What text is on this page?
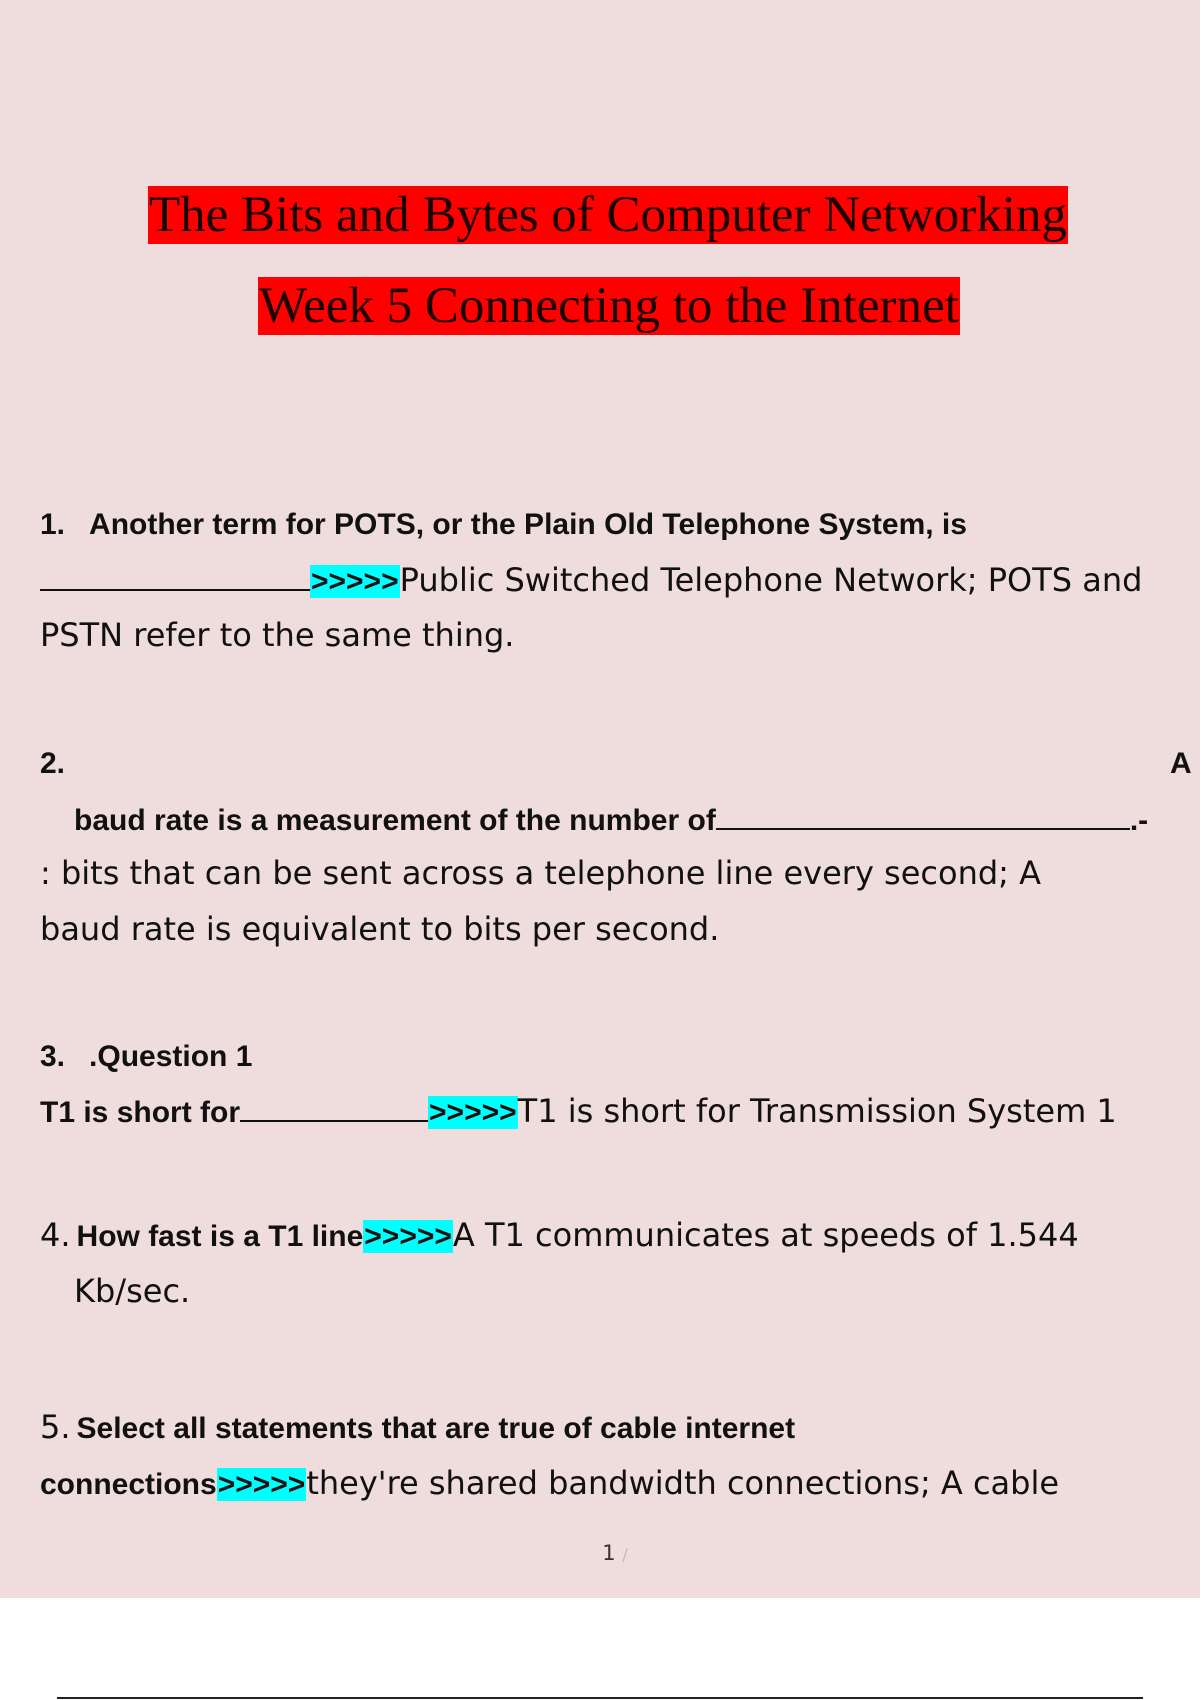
The Bits and Bytes of Computer Networking
Week 5 Connecting to the Internet
1. Another term for POTS, or the Plain Old Telephone System, is
>>>>>Public Switched Telephone Network; POTS and
PSTN refer to the same thing.
2.	A
baud rate is a measurement of the number of	.-
: bits that can be sent across a telephone line every second; A
baud rate is equivalent to bits per second.
3. .Question 1
T1 is short for	>>>>>T1 is short for Transmission System 1
4. How fast is a T1 line>>>>>A T1 communicates at speeds of 1.544
Kb/sec.
5. Select all statements that are true of cable internet
connections>>>>>they're shared bandwidth connections; A cable
1 /
